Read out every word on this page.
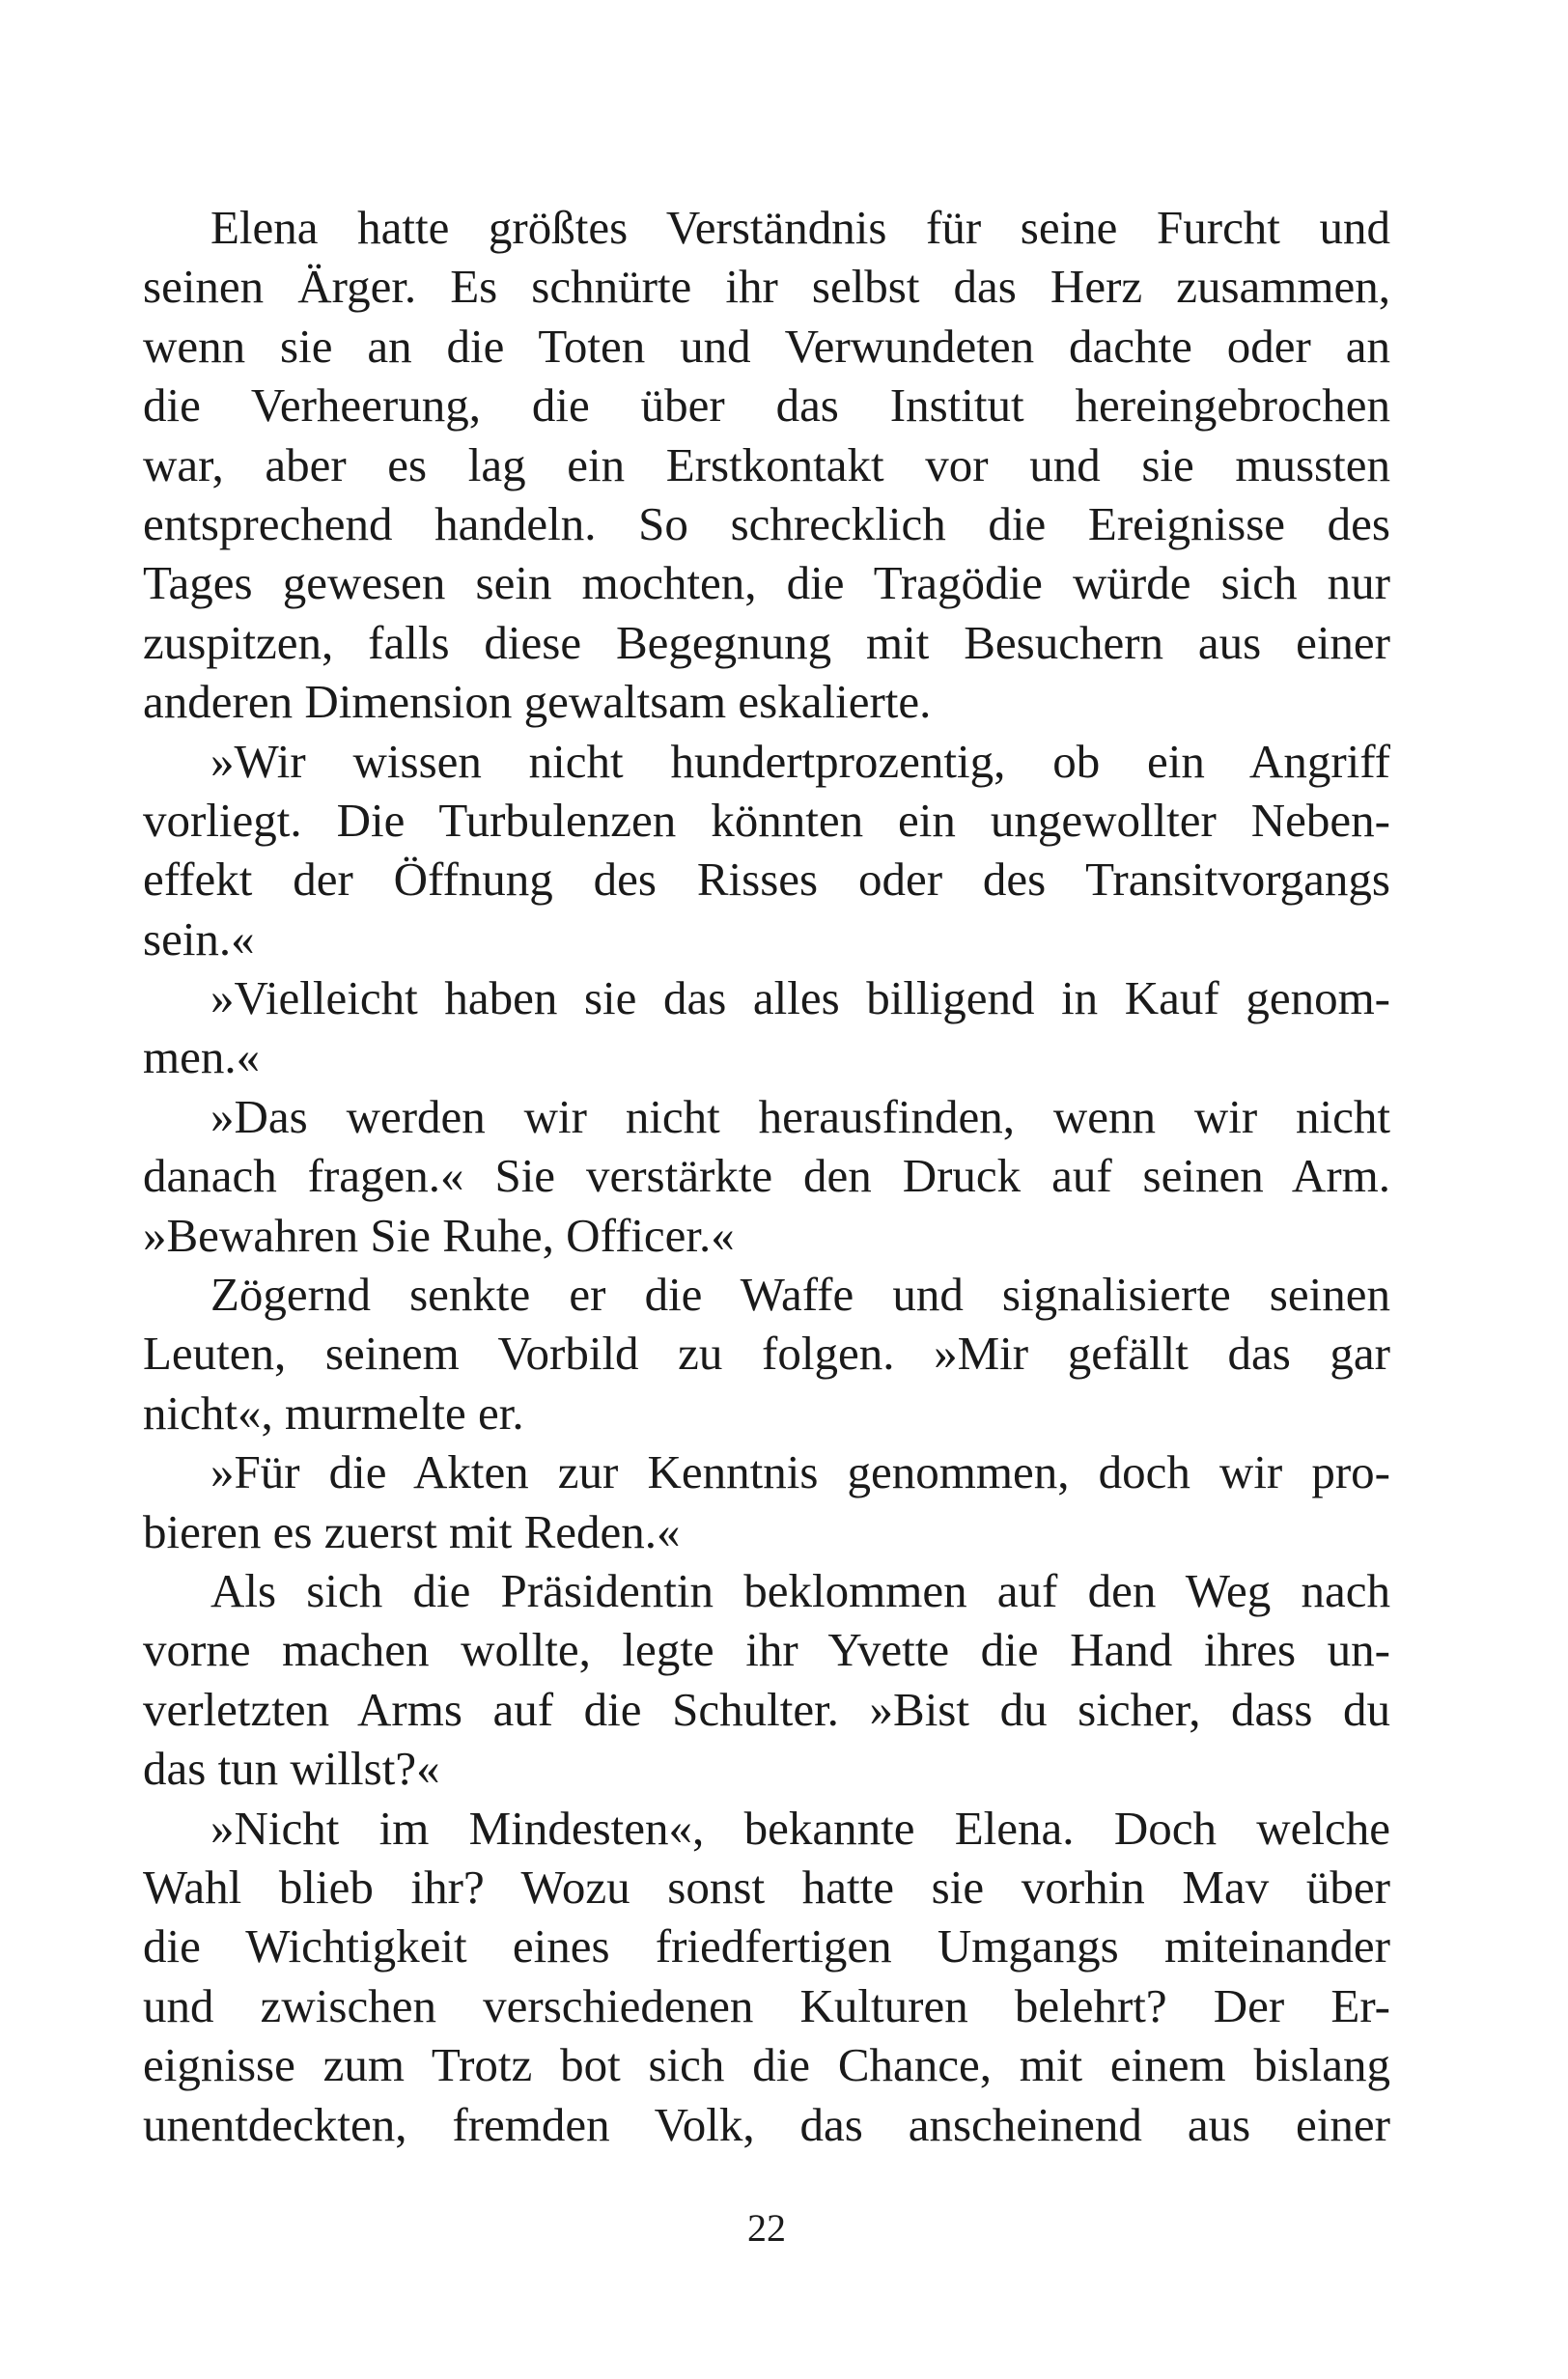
Elena hatte größtes Verständnis für seine Furcht und
seinen Ärger. Es schnürte ihr selbst das Herz zusammen,
wenn sie an die Toten und Verwundeten dachte oder an
die Verheerung, die über das Institut hereingebrochen
war, aber es lag ein Erstkontakt vor und sie mussten
entsprechend handeln. So schrecklich die Ereignisse des
Tages gewesen sein mochten, die Tragödie würde sich nur
zuspitzen, falls diese Begegnung mit Besuchern aus einer
anderen Dimension gewaltsam eskalierte.
»Wir wissen nicht hundertprozentig, ob ein Angriff
vorliegt. Die Turbulenzen könnten ein ungewollter Neben-
effekt der Öffnung des Risses oder des Transitvorgangs
sein.«
»Vielleicht haben sie das alles billigend in Kauf genom-
men.«
»Das werden wir nicht herausfinden, wenn wir nicht
danach fragen.« Sie verstärkte den Druck auf seinen Arm.
»Bewahren Sie Ruhe, Officer.«
Zögernd senkte er die Waffe und signalisierte seinen
Leuten, seinem Vorbild zu folgen. »Mir gefällt das gar
nicht«, murmelte er.
»Für die Akten zur Kenntnis genommen, doch wir pro-
bieren es zuerst mit Reden.«
Als sich die Präsidentin beklommen auf den Weg nach
vorne machen wollte, legte ihr Yvette die Hand ihres un-
verletzten Arms auf die Schulter. »Bist du sicher, dass du
das tun willst?«
»Nicht im Mindesten«, bekannte Elena. Doch welche
Wahl blieb ihr? Wozu sonst hatte sie vorhin Mav über
die Wichtigkeit eines friedfertigen Umgangs miteinander
und zwischen verschiedenen Kulturen belehrt? Der Er-
eignisse zum Trotz bot sich die Chance, mit einem bislang
unentdeckten, fremden Volk, das anscheinend aus einer
22
